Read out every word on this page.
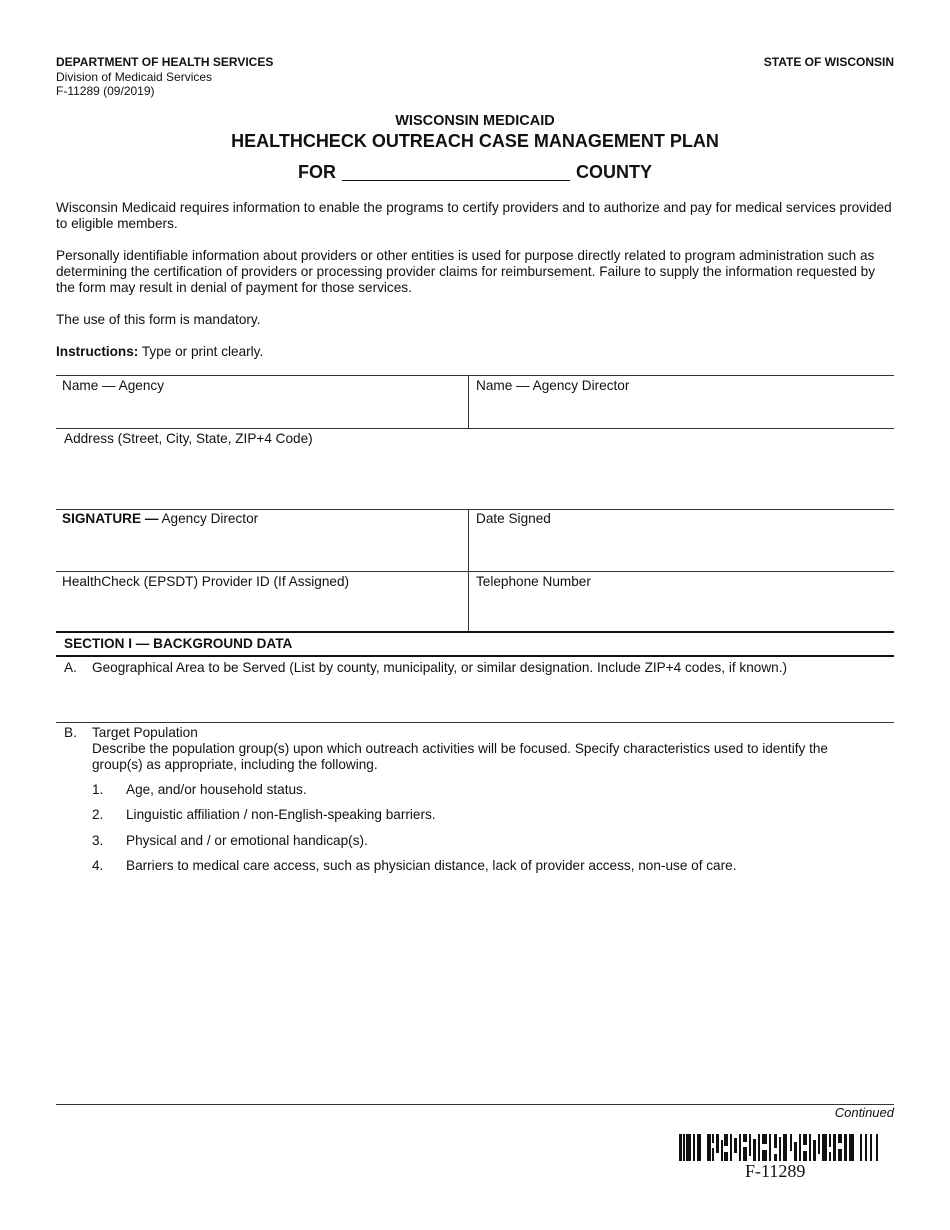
DEPARTMENT OF HEALTH SERVICES
Division of Medicaid Services
F-11289 (09/2019)
STATE OF WISCONSIN
WISCONSIN MEDICAID
HEALTHCHECK OUTREACH CASE MANAGEMENT PLAN
FOR	COUNTY
Wisconsin Medicaid requires information to enable the programs to certify providers and to authorize and pay for medical services provided to eligible members.
Personally identifiable information about providers or other entities is used for purpose directly related to program administration such as determining the certification of providers or processing provider claims for reimbursement. Failure to supply the information requested by the form may result in denial of payment for those services.
The use of this form is mandatory.
Instructions: Type or print clearly.
Name — Agency	Name — Agency Director
Address (Street, City, State, ZIP+4 Code)
SIGNATURE — Agency Director	Date Signed
HealthCheck (EPSDT) Provider ID (If Assigned)	Telephone Number
SECTION I — BACKGROUND DATA
A. Geographical Area to be Served (List by county, municipality, or similar designation. Include ZIP+4 codes, if known.)
B. Target Population
Describe the population group(s) upon which outreach activities will be focused. Specify characteristics used to identify the group(s) as appropriate, including the following.
1. Age, and/or household status.
2. Linguistic affiliation / non-English-speaking barriers.
3. Physical and / or emotional handicap(s).
4. Barriers to medical care access, such as physician distance, lack of provider access, non-use of care.
Continued
F-11289
